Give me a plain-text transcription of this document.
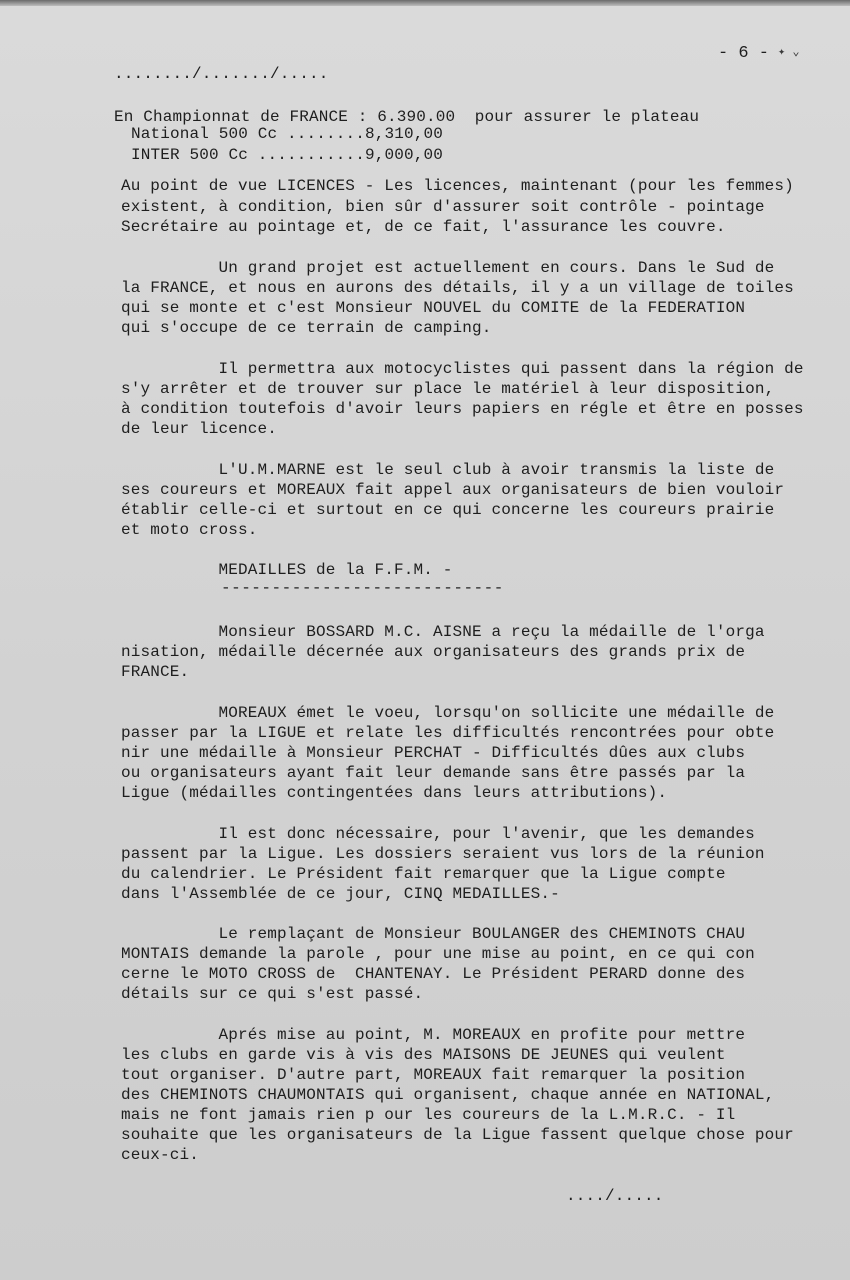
- 6 - ✦ ⌄
......../......./.....
En Championnat de FRANCE : 6.390.00  pour assurer le plateau
National 500 Cc ........8,310,00
INTER 500 Cc ...........9,000,00
Au point de vue LICENCES - Les licences, maintenant (pour les femmes)
existent, à condition, bien sûr d'assurer soit contrôle - pointage
Secrétaire au pointage et, de ce fait, l'assurance les couvre.
Un grand projet est actuellement en cours. Dans le Sud de
la FRANCE, et nous en aurons des détails, il y a un village de toiles
qui se monte et c'est Monsieur NOUVEL du COMITE de la FEDERATION
qui s'occupe de ce terrain de camping.
Il permettra aux motocyclistes qui passent dans la région de
s'y arrêter et de trouver sur place le matériel à leur disposition,
à condition toutefois d'avoir leurs papiers en régle et être en posses
de leur licence.
L'U.M.MARNE est le seul club à avoir transmis la liste de
ses coureurs et MOREAUX fait appel aux organisateurs de bien vouloir
établir celle-ci et surtout en ce qui concerne les coureurs prairie
et moto cross.
MEDAILLES de la F.F.M. -
----------------------------
Monsieur BOSSARD M.C. AISNE a reçu la médaille de l'orga
nisation, médaille décernée aux organisateurs des grands prix de
FRANCE.
MOREAUX émet le voeu, lorsqu'on sollicite une médaille de
passer par la LIGUE et relate les difficultés rencontrées pour obte
nir une médaille à Monsieur PERCHAT - Difficultés dûes aux clubs
ou organisateurs ayant fait leur demande sans être passés par la
Ligue (médailles contingentées dans leurs attributions).
Il est donc nécessaire, pour l'avenir, que les demandes
passent par la Ligue. Les dossiers seraient vus lors de la réunion
du calendrier. Le Président fait remarquer que la Ligue compte
dans l'Assemblée de ce jour, CINQ MEDAILLES.-
Le remplaçant de Monsieur BOULANGER des CHEMINOTS CHAU
MONTAIS demande la parole , pour une mise au point, en ce qui con
cerne le MOTO CROSS de  CHANTENAY. Le Président PERARD donne des
détails sur ce qui s'est passé.
Aprés mise au point, M. MOREAUX en profite pour mettre
les clubs en garde vis à vis des MAISONS DE JEUNES qui veulent
tout organiser. D'autre part, MOREAUX fait remarquer la position
des CHEMINOTS CHAUMONTAIS qui organisent, chaque année en NATIONAL,
mais ne font jamais rien p our les coureurs de la L.M.R.C. - Il
souhaite que les organisateurs de la Ligue fassent quelque chose pour
ceux-ci.
..../.....
